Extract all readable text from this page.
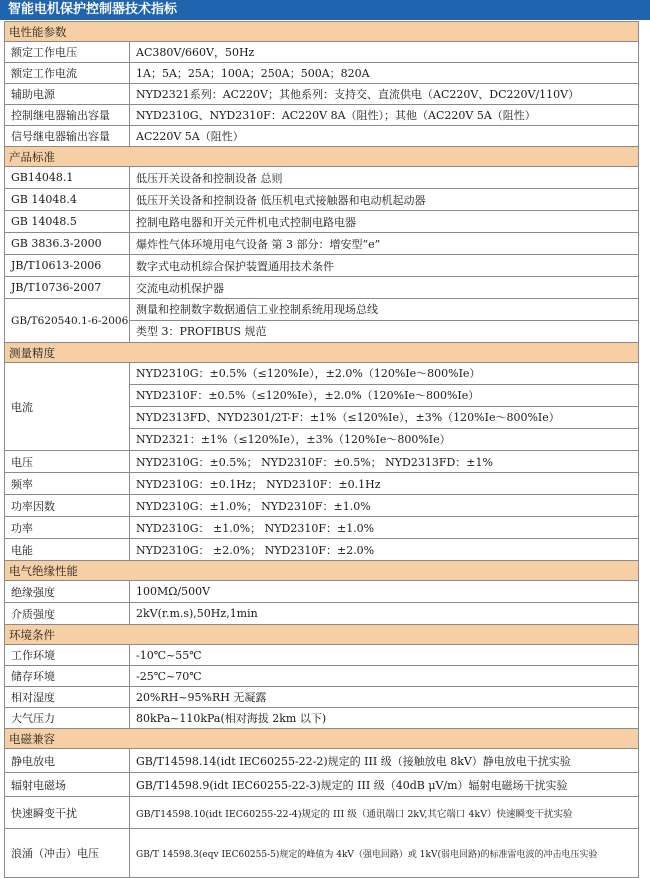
智能电机保护控制器技术指标
电性能参数	
额定工作电压	AC380V/660V，50Hz
额定工作电流	1A；5A；25A；100A；250A；500A；820A
辅助电源	NYD2321系列：AC220V；其他系列：支持交、直流供电（AC220V、DC220V/110V）
控制继电器输出容量	NYD2310G、NYD2310F：AC220V 8A（阻性）；其他（AC220V 5A（阻性）
信号继电器输出容量	AC220V 5A（阻性）
产品标准	
GB14048.1	低压开关设备和控制设备 总则
GB 14048.4	低压开关设备和控制设备 低压机电式接触器和电动机起动器
GB 14048.5	控制电路电器和开关元件机电式控制电路电器
GB 3836.3-2000	爆炸性气体环境用电气设备 第 3 部分：增安型“e”
JB/T10613-2006	数字式电动机综合保护装置通用技术条件
JB/T10736-2007	交流电动机保护器
GB/T620540.1-6-2006	测量和控制数字数据通信工业控制系统用现场总线
类型 3：PROFIBUS 规范

测量精度	
电流	NYD2310G：±0.5%（≤120%Ie），±2.0%（120%Ie～800%Ie）
NYD2310F：±0.5%（≤120%Ie），±2.0%（120%Ie～800%Ie）
NYD2313FD、NYD2301/2T-F：±1%（≤120%Ie），±3%（120%Ie～800%Ie）
NYD2321：±1%（≤120%Ie），±3%（120%Ie～800%Ie）

电压	NYD2310G：±0.5%； NYD2310F：±0.5%； NYD2313FD：±1%
频率	NYD2310G：±0.1Hz； NYD2310F：±0.1Hz
功率因数	NYD2310G：±1.0%； NYD2310F：±1.0%
功率	NYD2310G： ±1.0%； NYD2310F：±1.0%
电能	NYD2310G： ±2.0%； NYD2310F：±2.0%
电气绝缘性能	
绝缘强度	100MΩ/500V
介质强度	2kV(r.m.s),50Hz,1min
环境条件	
工作环境	-10℃~55℃
储存环境	-25℃~70℃
相对湿度	20%RH~95%RH 无凝露
大气压力	80kPa~110kPa(相对海拔 2km 以下)
电磁兼容	
静电放电	GB/T14598.14(idt IEC60255-22-2)规定的 III 级（接触放电 8kV）静电放电干扰实验
辐射电磁场	GB/T14598.9(idt IEC60255-22-3)规定的 III 级（40dB μV/m）辐射电磁场干扰实验
快速瞬变干扰	GB/T14598.10(idt IEC60255-22-4)规定的 III 级（通讯端口 2kV,其它端口 4kV）快速瞬变干扰实验
浪涌（冲击）电压	GB/T 14598.3(eqv IEC60255-5)规定的峰值为 4kV（强电回路）或 1kV(弱电回路)的标准雷电波的冲击电压实验
